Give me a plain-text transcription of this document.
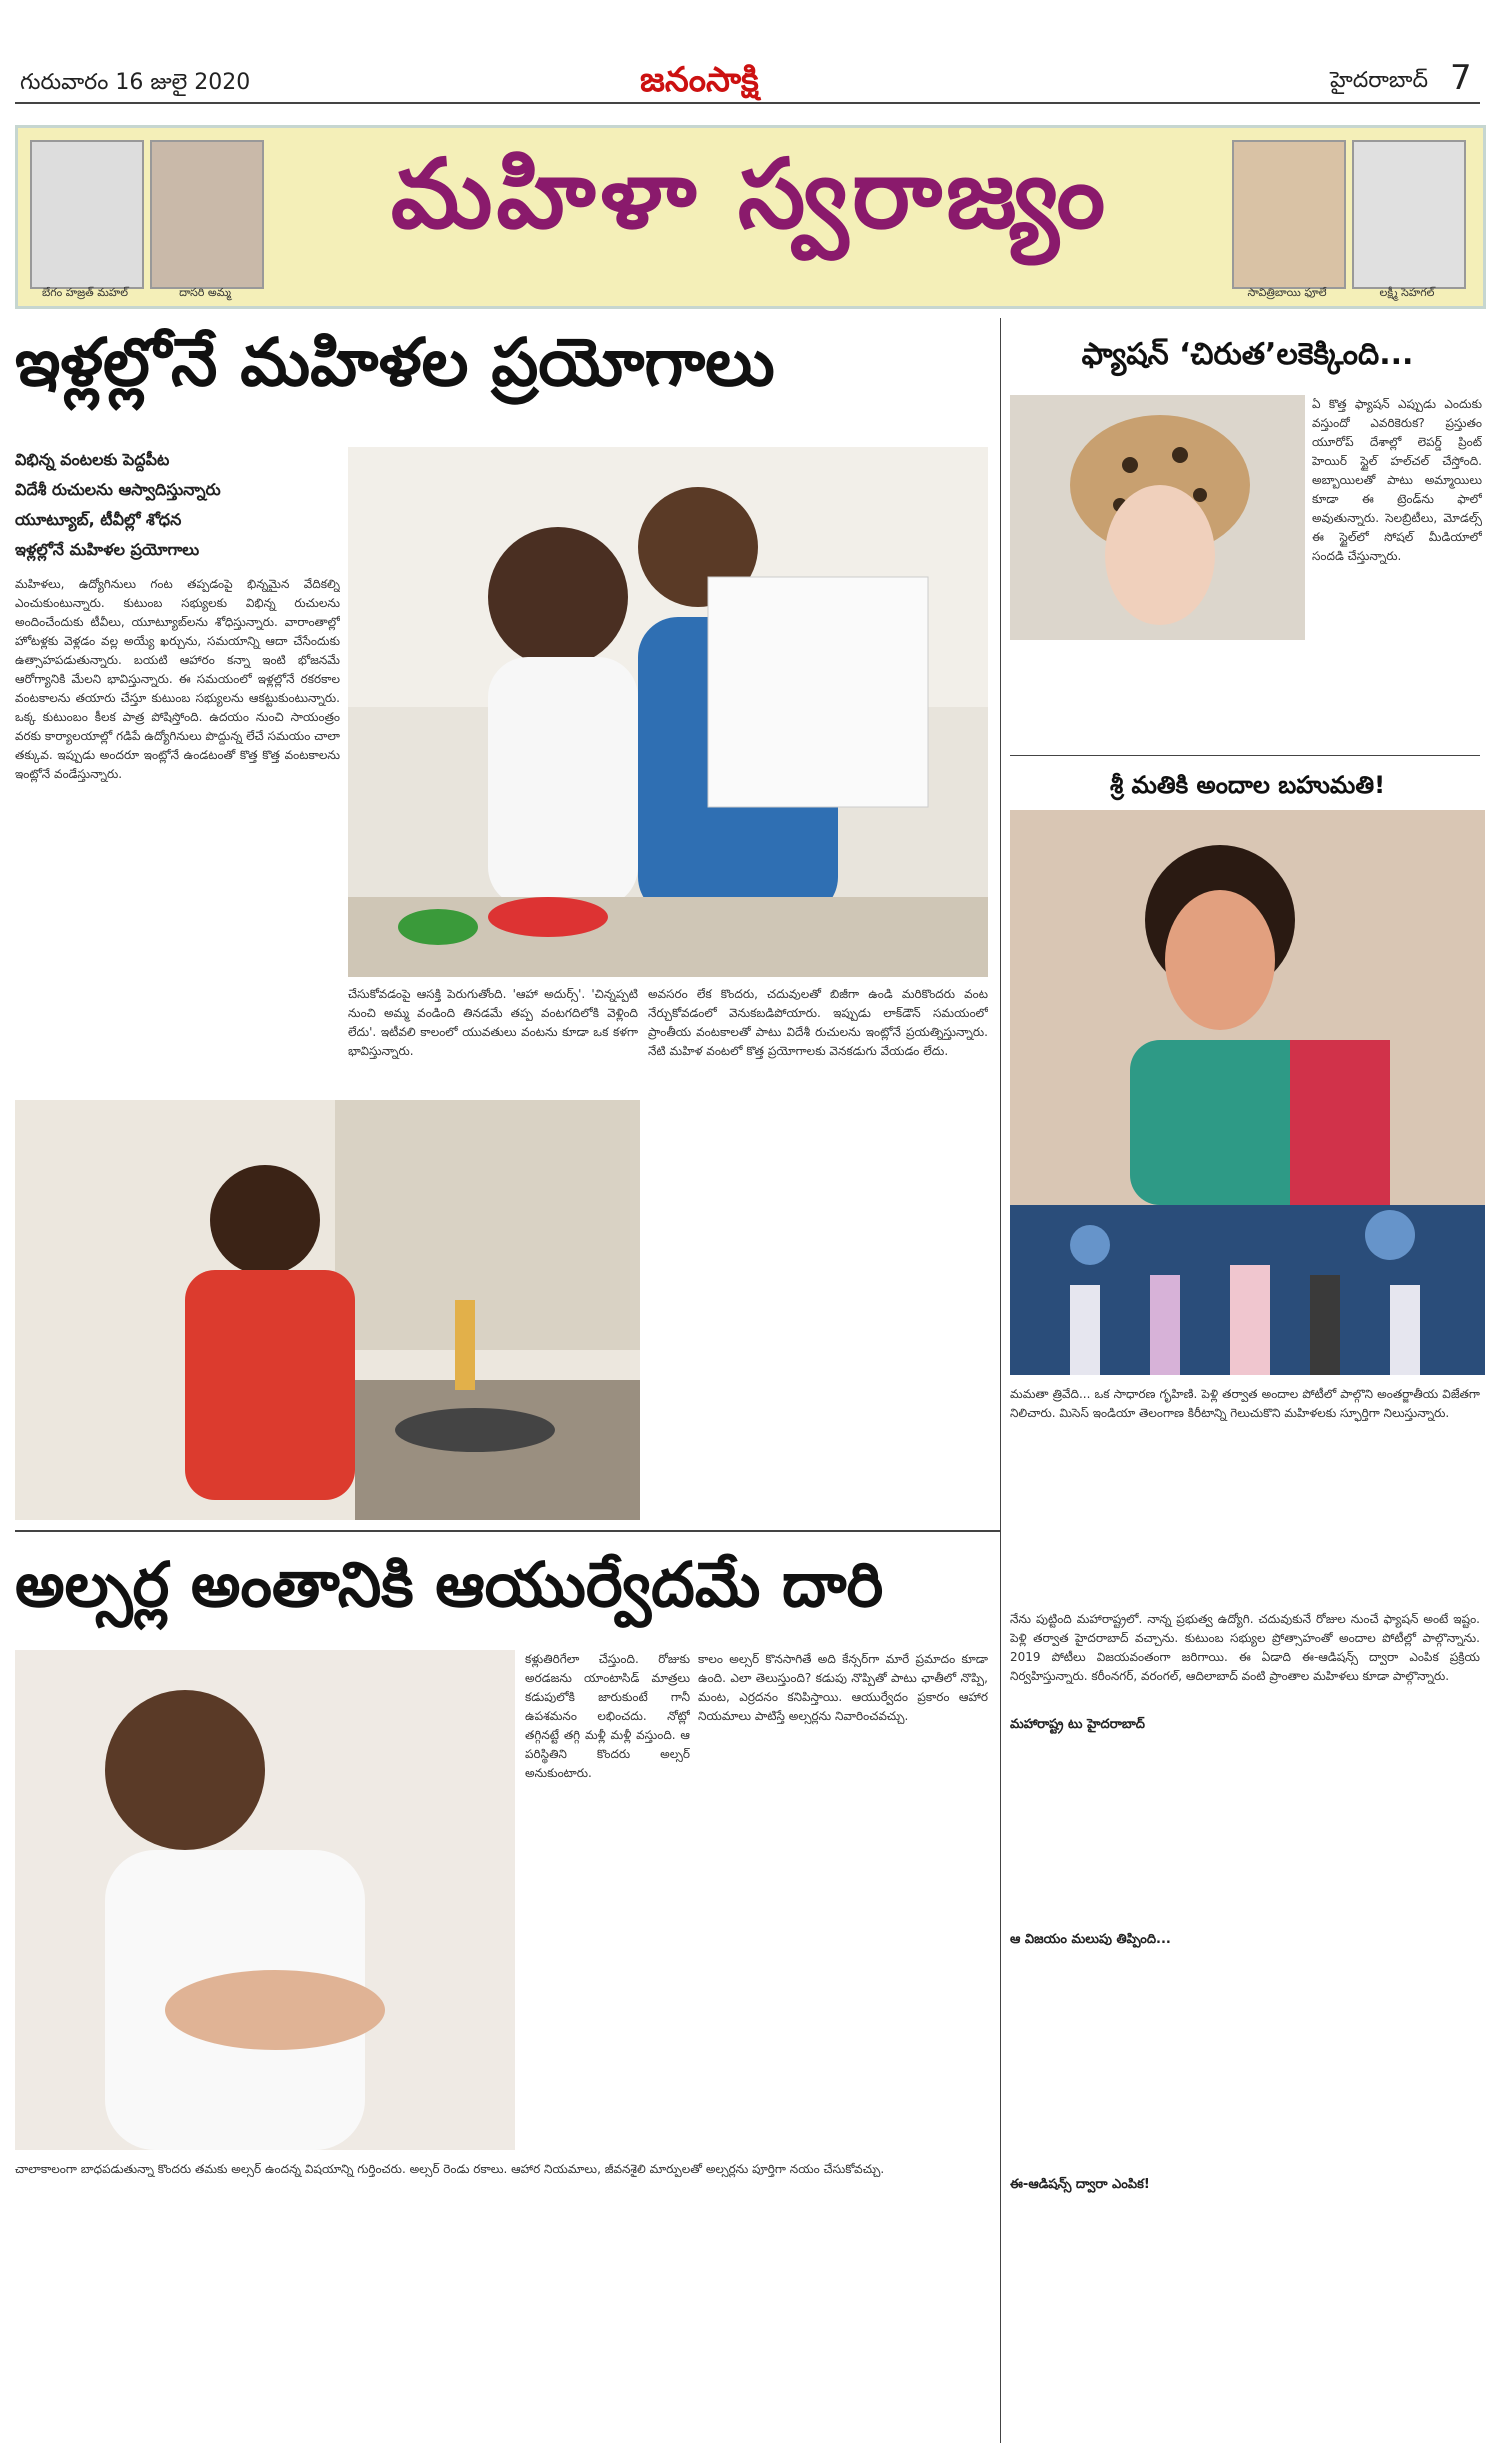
గురువారం 16 జులై 2020	జనంసాక్షి	హైదరాబాద్ 7
బేగం హజ్రత్ మహల్	దాసరి అమ్మ	సావిత్రిబాయి ఫూలే	లక్ష్మీ సెహగల్
మహిళా స్వరాజ్యం
ఇళ్లల్లోనే మహిళల ప్రయోగాలు
విభిన్న వంటలకు పెద్దపీట
విదేశీ రుచులను ఆస్వాదిస్తున్నారు
యూట్యూబ్, టీవీల్లో శోధన
ఇళ్లల్లోనే మహిళల ప్రయోగాలు
మహిళలు, ఉద్యోగినులు గంట తప్పడంపై భిన్నమైన వేదికల్ని ఎంచుకుంటున్నారు. కుటుంబ సభ్యులకు విభిన్న రుచులను అందించేందుకు టీవీలు, యూట్యూబ్‌లను శోధిస్తున్నారు. వారాంతాల్లో హోటళ్లకు వెళ్లడం వల్ల అయ్యే ఖర్చును, సమయాన్ని ఆదా చేసేందుకు ఉత్సాహపడుతున్నారు. బయటి ఆహారం కన్నా ఇంటి భోజనమే ఆరోగ్యానికి మేలని భావిస్తున్నారు. ఈ సమయంలో ఇళ్లల్లోనే రకరకాల వంటకాలను తయారు చేస్తూ కుటుంబ సభ్యులను ఆకట్టుకుంటున్నారు. ఒక్క కుటుంబం కీలక పాత్ర పోషిస్తోంది. ఉదయం నుంచి సాయంత్రం వరకు కార్యాలయాల్లో గడిపే ఉద్యోగినులు పొద్దున్న లేచే సమయం చాలా తక్కువ. ఇప్పుడు అందరూ ఇంట్లోనే ఉండటంతో కొత్త కొత్త వంటకాలను ఇంట్లోనే వండేస్తున్నారు.
చేసుకోవడంపై ఆసక్తి పెరుగుతోంది. 'ఆహా అదుర్స్'. 'చిన్నప్పటి నుంచి అమ్మ వండింది తినడమే తప్ప వంటగదిలోకి వెళ్లింది లేదు'. ఇటీవలి కాలంలో యువతులు వంటను కూడా ఒక కళగా భావిస్తున్నారు.
అవసరం లేక కొందరు, చదువులతో బిజీగా ఉండి మరికొందరు వంట నేర్చుకోవడంలో వెనుకబడిపోయారు. ఇప్పుడు లాక్‌డౌన్ సమయంలో ప్రాంతీయ వంటకాలతో పాటు విదేశీ రుచులను ఇంట్లోనే ప్రయత్నిస్తున్నారు. నేటి మహిళ వంటలో కొత్త ప్రయోగాలకు వెనకడుగు వేయడం లేదు.
అల్సర్ల అంతానికి ఆయుర్వేదమే దారి
కళ్లుతిరిగేలా చేస్తుంది. రోజుకు అరడజను యాంటాసిడ్ మాత్రలు కడుపులోకి జారుకుంటే గానీ ఉపశమనం లభించదు. నోట్లో తగ్గినట్టే తగ్గి మళ్లీ మళ్లీ వస్తుంది. ఆ పరిస్థితిని కొందరు అల్సర్ అనుకుంటారు.
కాలం అల్సర్ కొనసాగితే అది కేన్సర్‌గా మారే ప్రమాదం కూడా ఉంది. ఎలా తెలుస్తుంది? కడుపు నొప్పితో పాటు ఛాతీలో నొప్పి, మంట, ఎర్రదనం కనిపిస్తాయి. ఆయుర్వేదం ప్రకారం ఆహార నియమాలు పాటిస్తే అల్సర్లను నివారించవచ్చు.
చాలాకాలంగా బాధపడుతున్నా కొందరు తమకు అల్సర్ ఉందన్న విషయాన్ని గుర్తించరు. అల్సర్ రెండు రకాలు. ఆహార నియమాలు, జీవనశైలి మార్పులతో అల్సర్లను పూర్తిగా నయం చేసుకోవచ్చు.
ఫ్యాషన్ ‘చిరుత’లకెక్కింది...
ఏ కొత్త ఫ్యాషన్ ఎప్పుడు ఎందుకు వస్తుందో ఎవరికెరుక? ప్రస్తుతం యూరోప్ దేశాల్లో లెపర్డ్ ప్రింట్ హెయిర్ స్టైల్ హల్‌చల్ చేస్తోంది. అబ్బాయిలతో పాటు అమ్మాయిలు కూడా ఈ ట్రెండ్‌ను ఫాలో అవుతున్నారు. సెలబ్రిటీలు, మోడల్స్ ఈ స్టైల్‌లో సోషల్ మీడియాలో సందడి చేస్తున్నారు.
శ్రీ మతికి అందాల బహుమతి!
మమతా త్రివేది... ఒక సాధారణ గృహిణి. పెళ్లి తర్వాత అందాల పోటీలో పాల్గొని అంతర్జాతీయ విజేతగా నిలిచారు. మిసెస్ ఇండియా తెలంగాణ కిరీటాన్ని గెలుచుకొని మహిళలకు స్ఫూర్తిగా నిలుస్తున్నారు.
మహారాష్ట్ర టు హైదరాబాద్
ఆ విజయం మలుపు తిప్పింది...
ఈ-ఆడిషన్స్ ద్వారా ఎంపిక!
నేను పుట్టింది మహారాష్ట్రలో. నాన్న ప్రభుత్వ ఉద్యోగి. చదువుకునే రోజుల నుంచే ఫ్యాషన్ అంటే ఇష్టం. పెళ్లి తర్వాత హైదరాబాద్ వచ్చాను. కుటుంబ సభ్యుల ప్రోత్సాహంతో అందాల పోటీల్లో పాల్గొన్నాను. 2019 పోటీలు విజయవంతంగా జరిగాయి. ఈ ఏడాది ఈ-ఆడిషన్స్ ద్వారా ఎంపిక ప్రక్రియ నిర్వహిస్తున్నారు. కరీంనగర్, వరంగల్, ఆదిలాబాద్ వంటి ప్రాంతాల మహిళలు కూడా పాల్గొన్నారు.
